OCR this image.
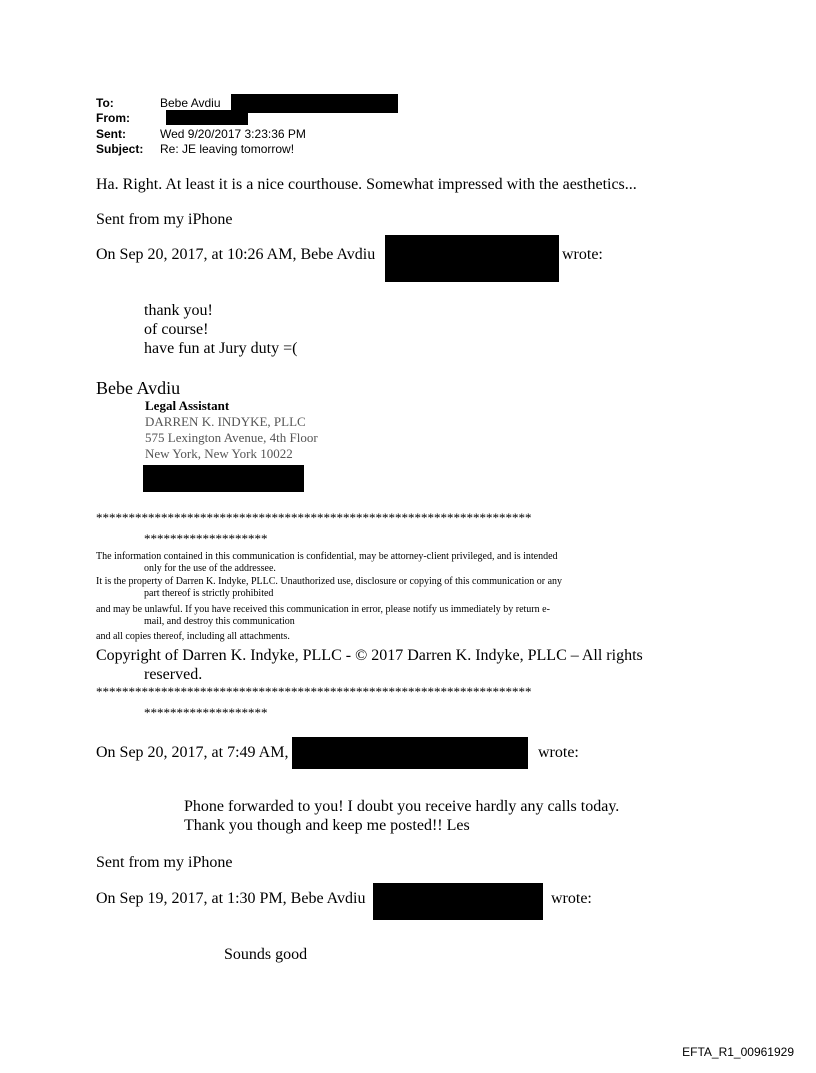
To:	Bebe Avdiu
From:
Sent:	Wed 9/20/2017 3:23:36 PM
Subject: Re: JE leaving tomorrow!
Ha. Right. At least it is a nice courthouse. Somewhat impressed with the aesthetics...
Sent from my iPhone
On Sep 20, 2017, at 10:26 AM, Bebe Avdiu	wrote:
thank you!
of course!
have fun at Jury duty =(
Bebe Avdiu
Legal Assistant
DARREN K. INDYKE, PLLC
575 Lexington Avenue, 4th Floor
New York, New York 10022
*******************************************************************
*******************
The information contained in this communication is confidential, may be attorney-client privileged, and is intended
only for the use of the addressee.
It is the property of Darren K. Indyke, PLLC. Unauthorized use, disclosure or copying of this communication or any
part thereof is strictly prohibited
and may be unlawful. If you have received this communication in error, please notify us immediately by return e-
mail, and destroy this communication
and all copies thereof, including all attachments.
Copyright of Darren K. Indyke, PLLC - © 2017 Darren K. Indyke, PLLC – All rights
reserved.
*******************************************************************
*******************
On Sep 20, 2017, at 7:49 AM,	wrote:
Phone forwarded to you! I doubt you receive hardly any calls today.
Thank you though and keep me posted!! Les
Sent from my iPhone
On Sep 19, 2017, at 1:30 PM, Bebe Avdiu	wrote:
Sounds good
EFTA_R1_00961929
